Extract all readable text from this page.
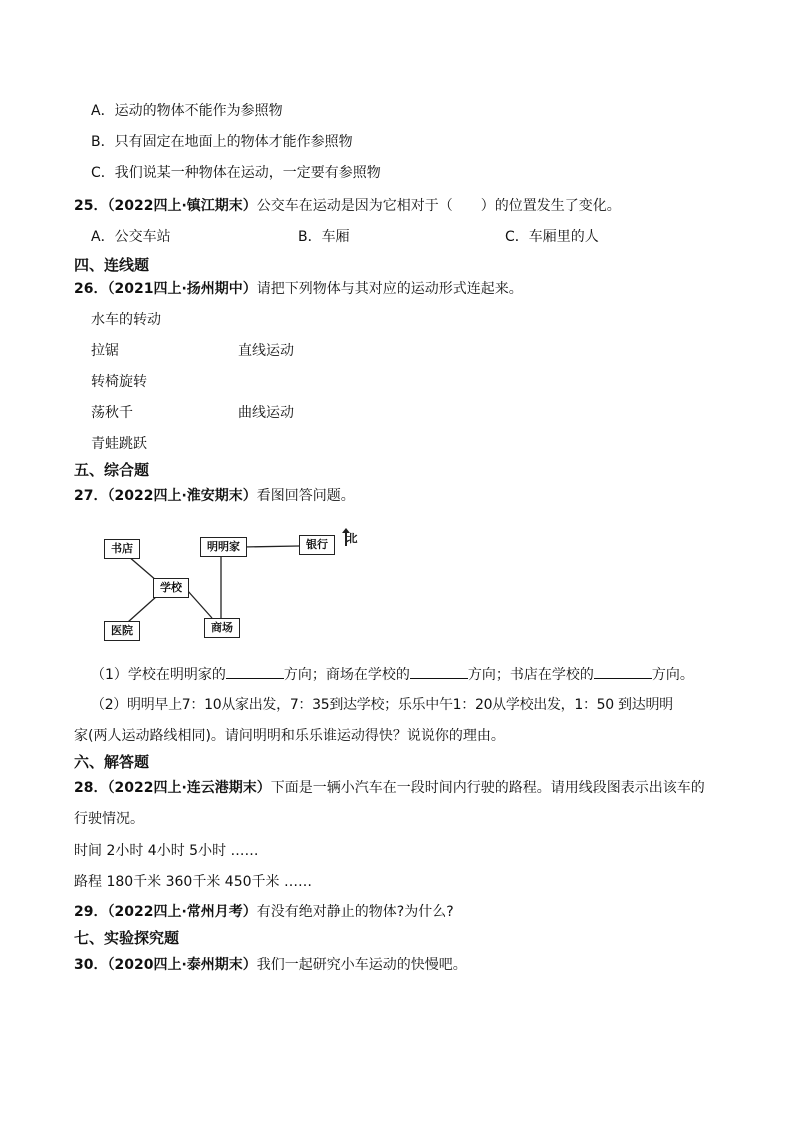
A．运动的物体不能作为参照物
B．只有固定在地面上的物体才能作参照物
C．我们说某一种物体在运动，一定要有参照物
25．（2022四上·镇江期末）公交车在运动是因为它相对于（ ）的位置发生了变化。
A．公交车站	B．车厢	C．车厢里的人
四、连线题
26．（2021四上·扬州期中）请把下列物体与其对应的运动形式连起来。
水车的转动
拉锯	直线运动
转椅旋转
荡秋千	曲线运动
青蛙跳跃
五、综合题
27．（2022四上·淮安期末）看图回答问题。
书店	明明家	银行
学校
医院	商场
北
（1）学校在明明家的	方向；商场在学校的	方向；书店在学校的	方向。
（2）明明早上7：10从家出发，7：35到达学校；乐乐中午1：20从学校出发，1：50 到达明明
家(两人运动路线相同)。请问明明和乐乐谁运动得快？说说你的理由。
六、解答题
28．（2022四上·连云港期末）下面是一辆小汽车在一段时间内行驶的路程。请用线段图表示出该车的
行驶情况。
时间 2小时 4小时 5小时 ……
路程 180千米 360千米 450千米 ……
29．（2022四上·常州月考）有没有绝对静止的物体?为什么?
七、实验探究题
30．（2020四上·泰州期末）我们一起研究小车运动的快慢吧。
